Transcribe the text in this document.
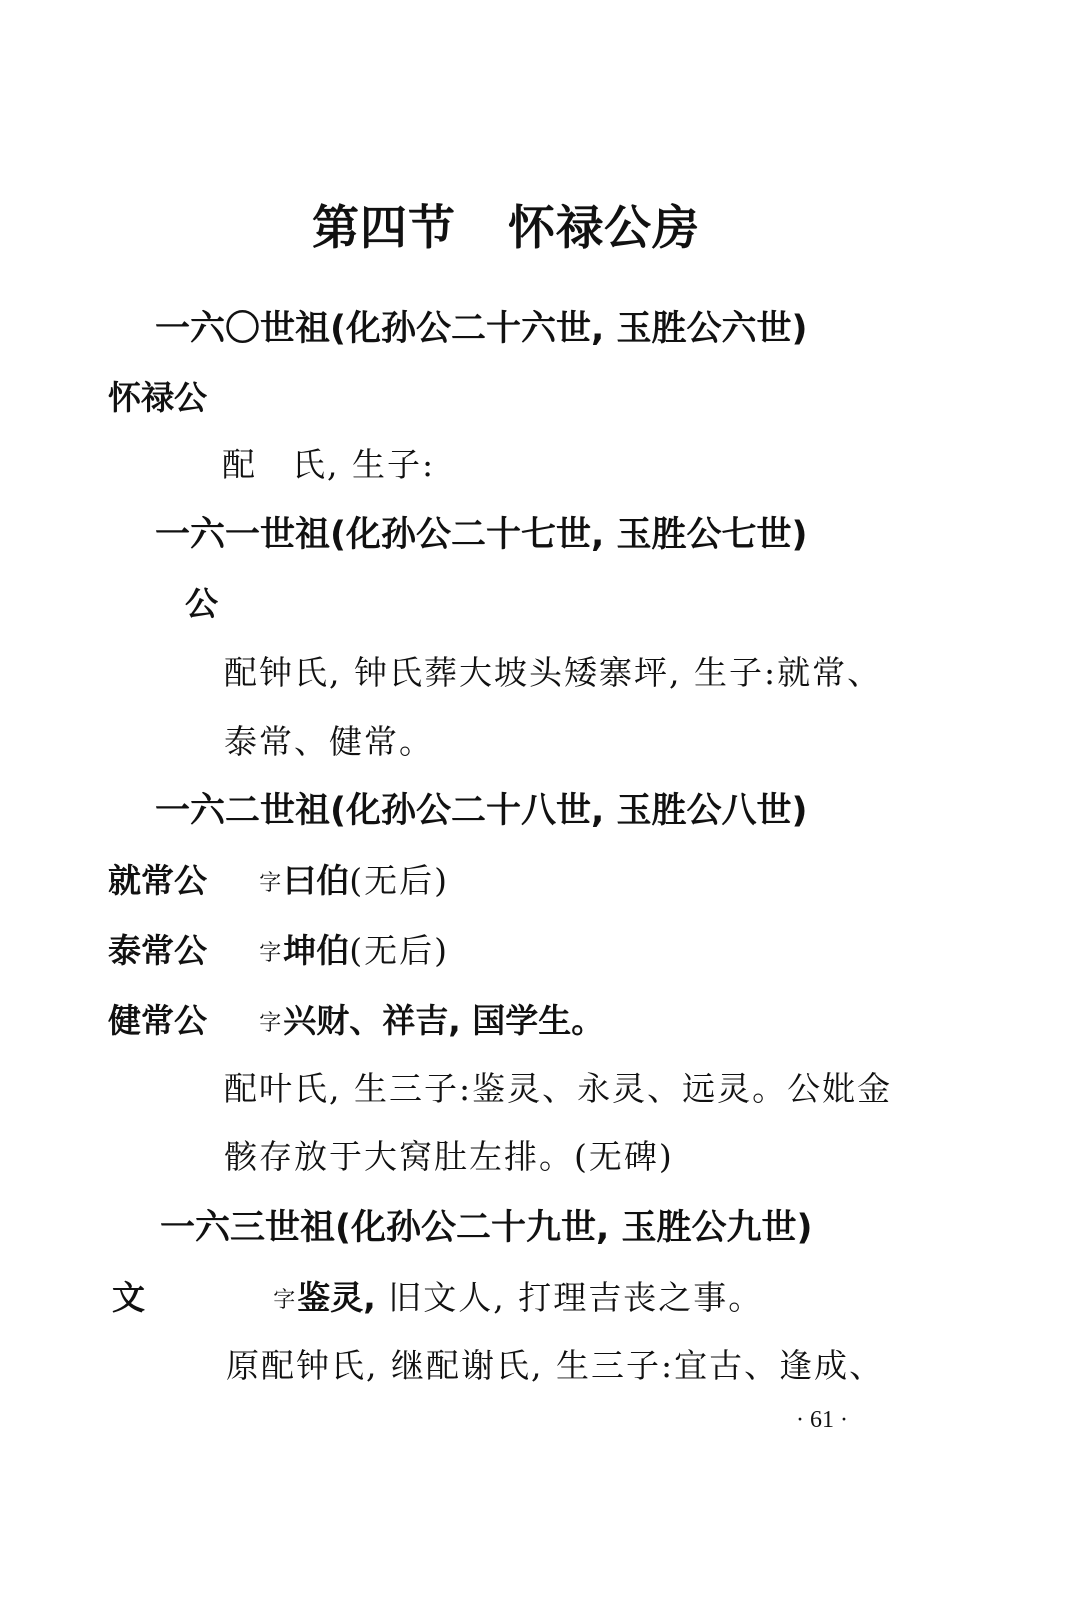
第四节 怀禄公房
一六〇世祖(化孙公二十六世, 玉胜公六世)
怀禄公
配　氏, 生子:
一六一世祖(化孙公二十七世, 玉胜公七世)
公
配钟氏, 钟氏葬大坡头矮寨坪, 生子:就常、
泰常、健常。
一六二世祖(化孙公二十八世, 玉胜公八世)
就常公 字曰伯(无后)
泰常公 字坤伯(无后)
健常公 字兴财、祥吉, 国学生。
配叶氏, 生三子:鉴灵、永灵、远灵。公妣金
骸存放于大窝肚左排。(无碑)
一六三世祖(化孙公二十九世, 玉胜公九世)
文	字鉴灵, 旧文人, 打理吉丧之事。
原配钟氏, 继配谢氏, 生三子:宜古、逢成、
· 61 ·
